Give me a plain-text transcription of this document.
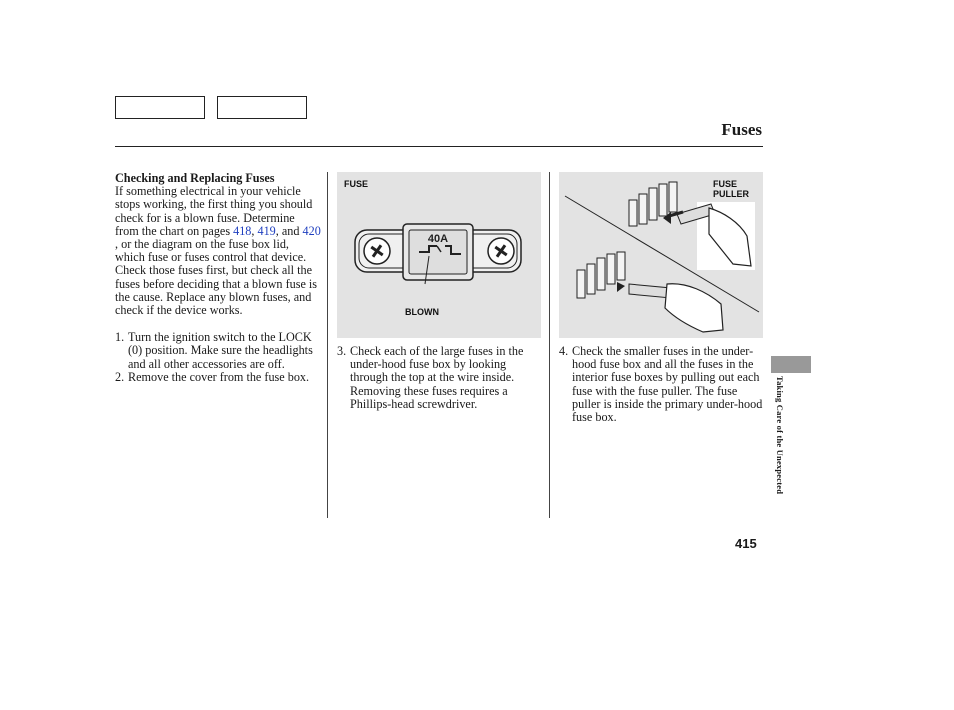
Fuses
Checking and Replacing Fuses
If something electrical in your vehicle stops working, the first thing you should check for is a blown fuse. Determine from the chart on pages 418, 419, and 420 , or the diagram on the fuse box lid, which fuse or fuses control that device. Check those fuses first, but check all the fuses before deciding that a blown fuse is the cause. Replace any blown fuses, and check if the device works.
1. Turn the ignition switch to the LOCK (0) position. Make sure the headlights and all other accessories are off.
2. Remove the cover from the fuse box.
40A
FUSE
BLOWN
FUSE
PULLER
3. Check each of the large fuses in the under-hood fuse box by looking through the top at the wire inside. Removing these fuses requires a Phillips-head screwdriver.
4. Check the smaller fuses in the under-hood fuse box and all the fuses in the interior fuse boxes by pulling out each fuse with the fuse puller. The fuse puller is inside the primary under-hood fuse box.	Taking Care of the Unexpected
415
